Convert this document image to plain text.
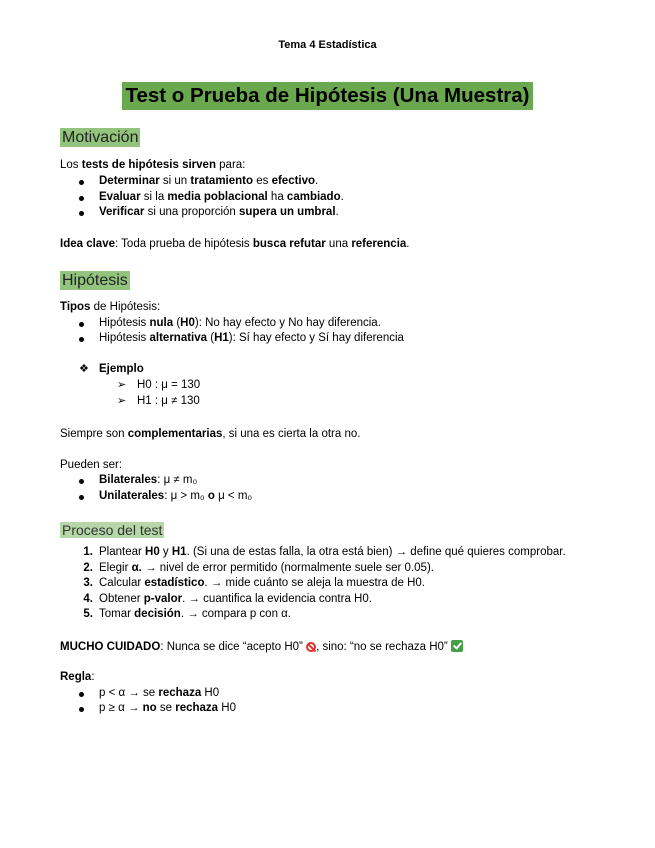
Tema 4 Estadística
Test o Prueba de Hipótesis (Una Muestra)
Motivación
Los tests de hipótesis sirven para:
Determinar si un tratamiento es efectivo.
Evaluar si la media poblacional ha cambiado.
Verificar si una proporción supera un umbral.
Idea clave: Toda prueba de hipótesis busca refutar una referencia.
Hipótesis
Tipos de Hipótesis:
Hipótesis nula (H0): No hay efecto y No hay diferencia.
Hipótesis alternativa (H1): Sí hay efecto y Sí hay diferencia
❖ Ejemplo
➢ H0 : μ = 130
➢ H1 : μ ≠ 130
Siempre son complementarias, si una es cierta la otra no.
Pueden ser:
Bilaterales: μ ≠ m₀
Unilaterales: μ > m₀ o μ < m₀
Proceso del test
1. Plantear H0 y H1. (Si una de estas falla, la otra está bien) → define qué quieres comprobar.
2. Elegir α. → nivel de error permitido (normalmente suele ser 0.05).
3. Calcular estadístico. → mide cuánto se aleja la muestra de H0.
4. Obtener p-valor. → cuantifica la evidencia contra H0.
5. Tomar decisión. → compara p con α.
MUCHO CUIDADO: Nunca se dice “acepto H0” , sino: “no se rechaza H0”
Regla:
p < α → se rechaza H0
p ≥ α → no se rechaza H0
